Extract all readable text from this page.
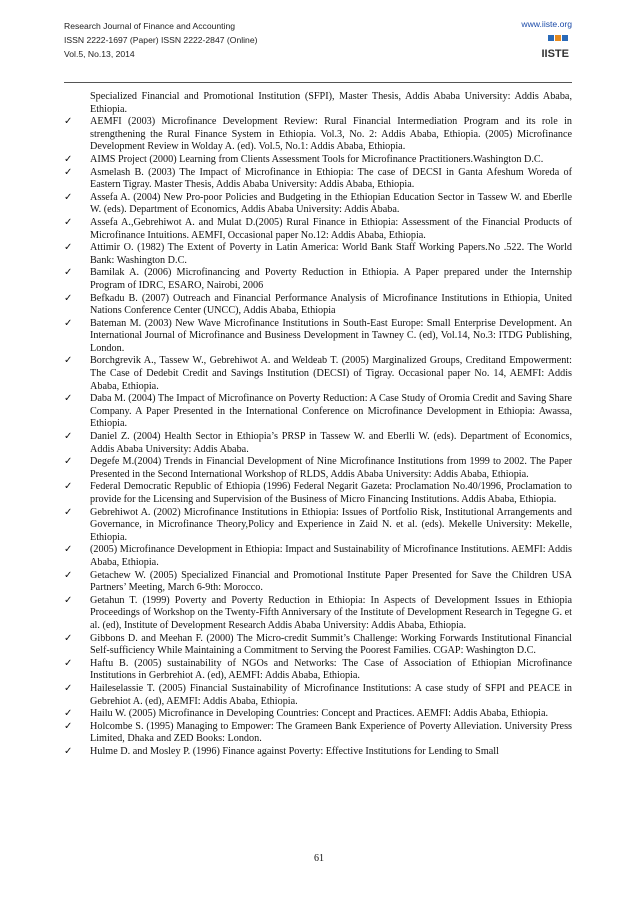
Research Journal of Finance and Accounting
ISSN 2222-1697 (Paper) ISSN 2222-2847 (Online)
Vol.5, No.13, 2014
www.iiste.org
IISTE
Specialized Financial and Promotional Institution (SFPI), Master Thesis, Addis Ababa University: Addis Ababa, Ethiopia.
✓ AEMFI (2003) Microfinance Development Review: Rural Financial Intermediation Program and its role in strengthening the Rural Finance System in Ethiopia. Vol.3, No. 2: Addis Ababa, Ethiopia. (2005) Microfinance Development Review in Wolday A. (ed). Vol.5, No.1: Addis Ababa, Ethiopia.
✓ AIMS Project (2000) Learning from Clients Assessment Tools for Microfinance Practitioners.Washington D.C.
✓ Asmelash B. (2003) The Impact of Microfinance in Ethiopia: The case of DECSI in Ganta Afeshum Woreda of Eastern Tigray. Master Thesis, Addis Ababa University: Addis Ababa, Ethiopia.
✓ Assefa A. (2004) New Pro-poor Policies and Budgeting in the Ethiopian Education Sector in Tassew W. and Eberlle W. (eds). Department of Economics, Addis Ababa University: Addis Ababa.
✓ Assefa A.,Gebrehiwot A. and Mulat D.(2005) Rural Finance in Ethiopia: Assessment of the Financial Products of Microfinance Intuitions. AEMFI, Occasional paper No.12: Addis Ababa, Ethiopia.
✓ Attimir O. (1982) The Extent of Poverty in Latin America: World Bank Staff Working Papers.No .522. The World Bank: Washington D.C.
✓ Bamilak A. (2006) Microfinancing and Poverty Reduction in Ethiopia. A Paper prepared under the Internship Program of IDRC, ESARO, Nairobi, 2006
✓ Befkadu B. (2007) Outreach and Financial Performance Analysis of Microfinance Institutions in Ethiopia, United Nations Conference Center (UNCC), Addis Ababa, Ethiopia
✓ Bateman M. (2003) New Wave Microfinance Institutions in South-East Europe: Small Enterprise Development. An International Journal of Microfinance and Business Development in Tawney C. (ed), Vol.14, No.3: ITDG Publishing, London.
✓ Borchgrevik A., Tassew W., Gebrehiwot A. and Weldeab T. (2005) Marginalized Groups, Creditand Empowerment: The Case of Dedebit Credit and Savings Institution (DECSI) of Tigray. Occasional paper No. 14, AEMFI: Addis Ababa, Ethiopia.
✓ Daba M. (2004) The Impact of Microfinance on Poverty Reduction: A Case Study of Oromia Credit and Saving Share Company. A Paper Presented in the International Conference on Microfinance Development in Ethiopia: Awassa, Ethiopia.
✓ Daniel Z. (2004) Health Sector in Ethiopia’s PRSP in Tassew W. and Eberlli W. (eds). Department of Economics, Addis Ababa University: Addis Ababa.
✓ Degefe M.(2004) Trends in Financial Development of Nine Microfinance Institutions from 1999 to 2002. The Paper Presented in the Second International Workshop of RLDS, Addis Ababa University: Addis Ababa, Ethiopia.
✓ Federal Democratic Republic of Ethiopia (1996) Federal Negarit Gazeta: Proclamation No.40/1996, Proclamation to provide for the Licensing and Supervision of the Business of Micro Financing Institutions. Addis Ababa, Ethiopia.
✓ Gebrehiwot A. (2002) Microfinance Institutions in Ethiopia: Issues of Portfolio Risk, Institutional Arrangements and Governance, in Microfinance Theory,Policy and Experience in Zaid N. et al. (eds). Mekelle University: Mekelle, Ethiopia.
✓ (2005) Microfinance Development in Ethiopia: Impact and Sustainability of Microfinance Institutions. AEMFI: Addis Ababa, Ethiopia.
✓ Getachew W. (2005) Specialized Financial and Promotional Institute Paper Presented for Save the Children USA Partners’ Meeting, March 6-9th: Morocco.
✓ Getahun T. (1999) Poverty and Poverty Reduction in Ethiopia: In Aspects of Development Issues in Ethiopia Proceedings of Workshop on the Twenty-Fifth Anniversary of the Institute of Development Research in Tegegne G. et al. (ed), Institute of Development Research Addis Ababa University: Addis Ababa, Ethiopia.
✓ Gibbons D. and Meehan F. (2000) The Micro-credit Summit’s Challenge: Working Forwards Institutional Financial Self-sufficiency While Maintaining a Commitment to Serving the Poorest Families. CGAP: Washington D.C.
✓ Haftu B. (2005) sustainability of NGOs and Networks: The Case of Association of Ethiopian Microfinance Institutions in Gerbrehiot A. (ed), AEMFI: Addis Ababa, Ethiopia.
✓ Haileselassie T. (2005) Financial Sustainability of Microfinance Institutions: A case study of SFPI and PEACE in Gebrehiot A. (ed), AEMFI: Addis Ababa, Ethiopia.
✓ Hailu W. (2005) Microfinance in Developing Countries: Concept and Practices. AEMFI: Addis Ababa, Ethiopia.
✓ Holcombe S. (1995) Managing to Empower: The Grameen Bank Experience of Poverty Alleviation. University Press Limited, Dhaka and ZED Books: London.
✓ Hulme D. and Mosley P. (1996) Finance against Poverty: Effective Institutions for Lending to Small
61
